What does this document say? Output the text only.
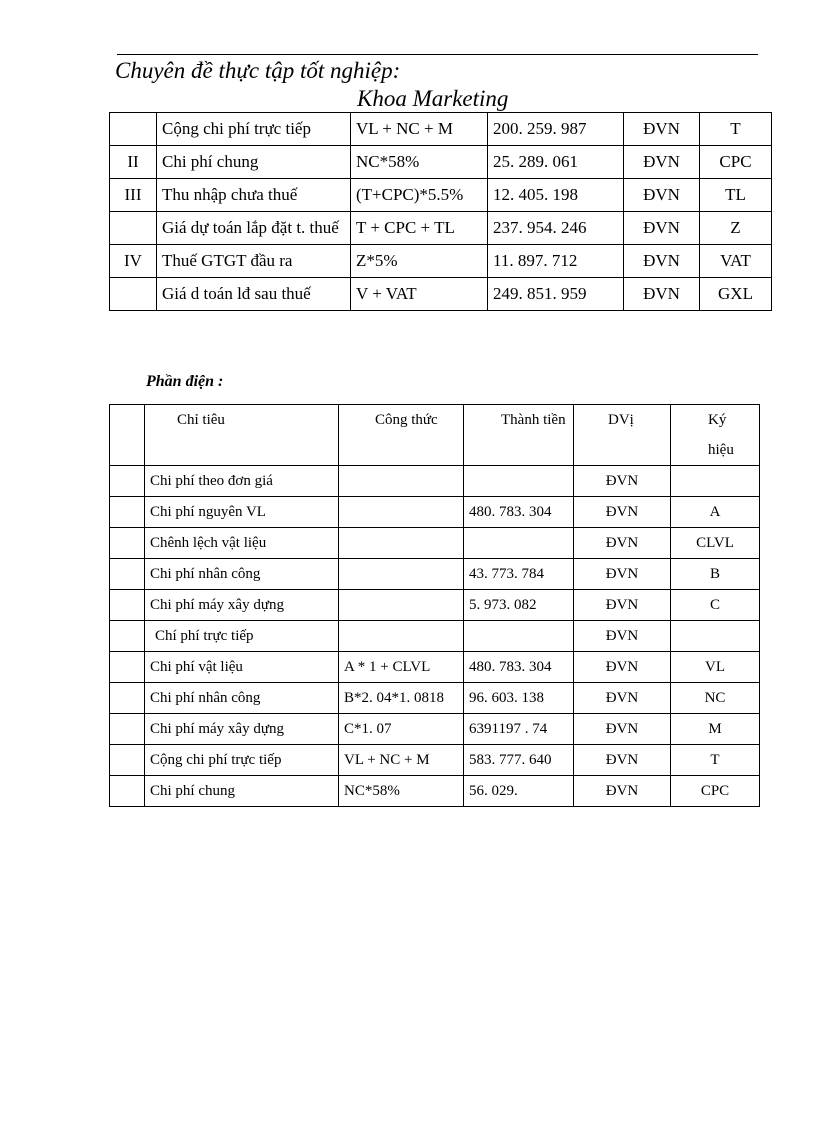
Chuyên đề thực tập tốt nghiệp:
Khoa Marketing
	Cộng chi phí trực tiếp	VL + NC + M	200. 259. 987	ĐVN	T
II	Chi phí chung	NC*58%	25. 289. 061	ĐVN	CPC
III	Thu nhập chưa thuế	(T+CPC)*5.5%	12. 405. 198	ĐVN	TL
	Giá dự toán lắp đặt t. thuế	T + CPC + TL	237. 954. 246	ĐVN	Z
IV	Thuế GTGT đầu ra	Z*5%	11. 897. 712	ĐVN	VAT
	Giá d toán lđ sau thuế	V + VAT	249. 851. 959	ĐVN	GXL
Phần điện :
	Chỉ tiêu	Công thức	Thành tiền	DVị	Ký hiệu

	Chi phí theo đơn giá			ĐVN	
	Chi phí nguyên VL		480. 783. 304	ĐVN	A
	Chênh lệch vật liệu			ĐVN	CLVL
	Chi phí nhân công		43. 773. 784	ĐVN	B
	Chi phí máy xây dựng		5. 973. 082	ĐVN	C
	Chí phí trực tiếp			ĐVN	
	Chi phí vật liệu	A * 1 + CLVL	480. 783. 304	ĐVN	VL
	Chi phí nhân công	B*2. 04*1. 0818	96. 603. 138	ĐVN	NC
	Chi phí máy xây dựng	C*1. 07	6391197 . 74	ĐVN	M
	Cộng chi phí trực tiếp	VL + NC + M	583. 777. 640	ĐVN	T
	Chi phí chung	NC*58%	56. 029.	ĐVN	CPC
